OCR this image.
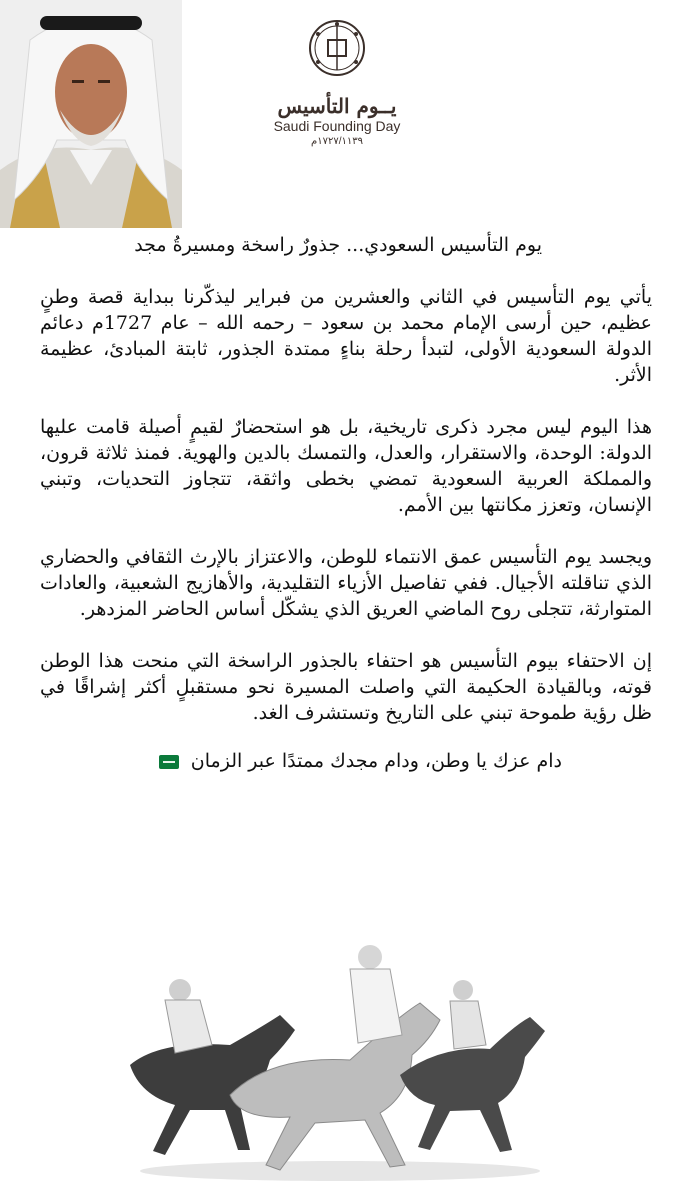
يــوم التأسيس
Saudi Founding Day
١٧٢٧/١١٣٩م
يوم التأسيس السعودي... جذورٌ راسخة ومسيرةُ مجد

يأتي يوم التأسيس في الثاني والعشرين من فبراير ليذكّرنا ببداية قصة وطنٍ عظيم، حين أرسى الإمام محمد بن سعود – رحمه الله – عام 1727م دعائم الدولة السعودية الأولى، لتبدأ رحلة بناءٍ ممتدة الجذور، ثابتة المبادئ، عظيمة الأثر.

هذا اليوم ليس مجرد ذكرى تاريخية، بل هو استحضارٌ لقيمٍ أصيلة قامت عليها الدولة: الوحدة، والاستقرار، والعدل، والتمسك بالدين والهوية. فمنذ ثلاثة قرون، والمملكة العربية السعودية تمضي بخطى واثقة، تتجاوز التحديات، وتبني الإنسان، وتعزز مكانتها بين الأمم.

ويجسد يوم التأسيس عمق الانتماء للوطن، والاعتزاز بالإرث الثقافي والحضاري الذي تناقلته الأجيال. ففي تفاصيل الأزياء التقليدية، والأهازيج الشعبية، والعادات المتوارثة، تتجلى روح الماضي العريق الذي يشكّل أساس الحاضر المزدهر.

إن الاحتفاء بيوم التأسيس هو احتفاء بالجذور الراسخة التي منحت هذا الوطن قوته، وبالقيادة الحكيمة التي واصلت المسيرة نحو مستقبلٍ أكثر إشراقًا في ظل رؤية طموحة تبني على التاريخ وتستشرف الغد.

دام عزك يا وطن، ودام مجدك ممتدًا عبر الزمان
